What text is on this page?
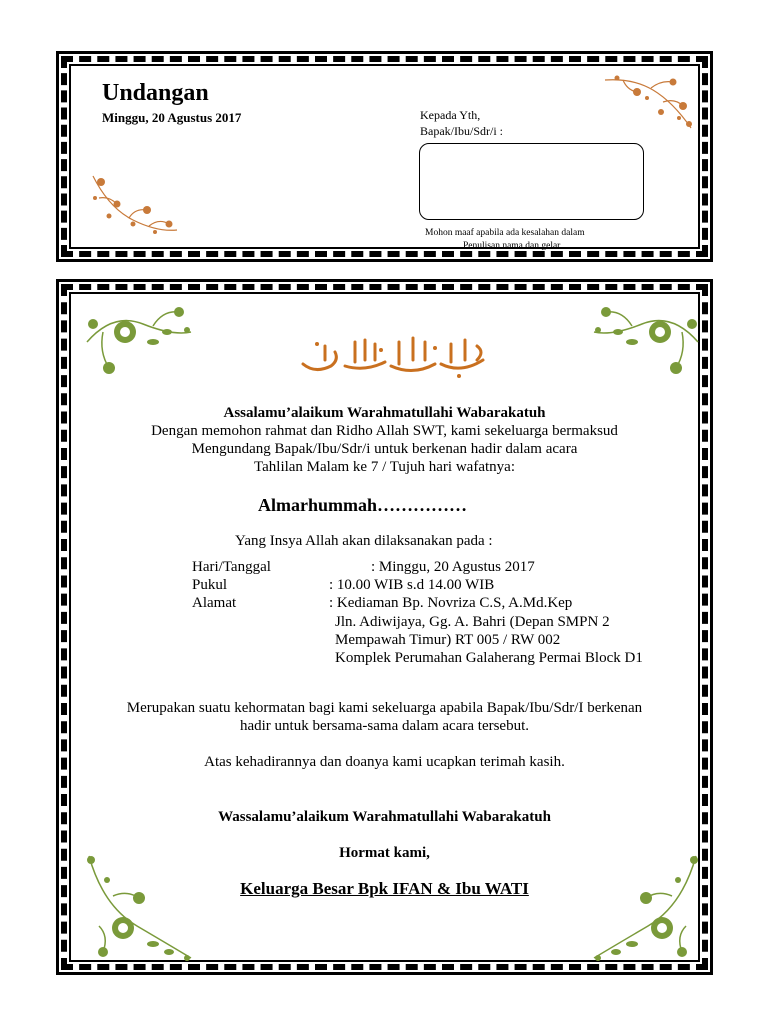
Undangan
Minggu, 20 Agustus 2017	Kepada Yth,
Bapak/Ibu/Sdr/i :
Mohon maaf apabila ada kesalahan dalam
Penulisan nama dan gelar
Assalamu’alaikum Warahmatullahi Wabarakatuh
Dengan memohon rahmat dan Ridho Allah SWT, kami sekeluarga bermaksud
Mengundang Bapak/Ibu/Sdr/i untuk berkenan hadir dalam acara
Tahlilan Malam ke 7 / Tujuh hari wafatnya:
Almarhummah……………
Yang Insya Allah akan dilaksanakan pada :
Hari/Tanggal	: Minggu, 20 Agustus 2017
Pukul	: 10.00 WIB s.d 14.00 WIB
Alamat	: Kediaman Bp. Novriza C.S, A.Md.Kep
Jln. Adiwijaya, Gg. A. Bahri (Depan SMPN 2
Mempawah Timur) RT 005 / RW 002
Komplek Perumahan Galaherang Permai Block D1
Merupakan suatu kehormatan bagi kami sekeluarga apabila Bapak/Ibu/Sdr/I berkenan
hadir untuk bersama-sama dalam acara tersebut.
Atas kehadirannya dan doanya kami ucapkan terimah kasih.
Wassalamu’alaikum Warahmatullahi Wabarakatuh
Hormat kami,
Keluarga Besar Bpk IFAN & Ibu WATI
